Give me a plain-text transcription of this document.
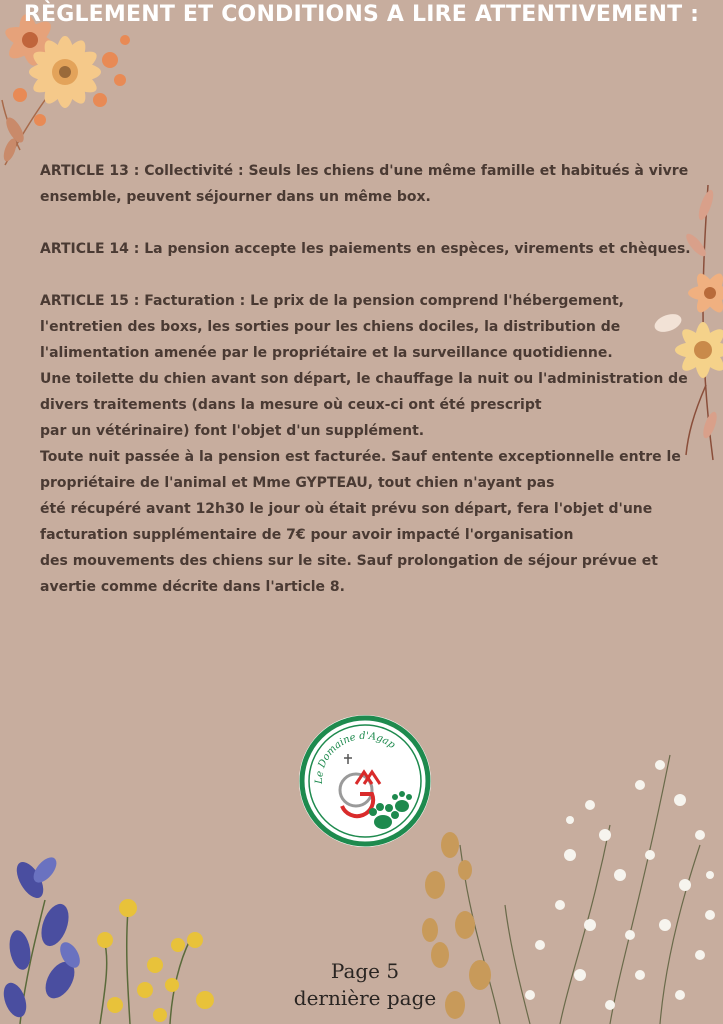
RÈGLEMENT ET CONDITIONS A LIRE ATTENTIVEMENT :
ARTICLE 13 : Collectivité : Seuls les chiens d'une même famille et habitués à vivre
ensemble, peuvent séjourner dans un même box.
ARTICLE 14 : La pension accepte les paiements en espèces, virements et chèques.
ARTICLE 15 : Facturation : Le prix de la pension comprend l'hébergement,
l'entretien des boxs, les sorties pour les chiens dociles, la distribution de
l'alimentation amenée par le propriétaire et la surveillance quotidienne.
Une toilette du chien avant son départ, le chauffage la nuit ou l'administration de
divers traitements (dans la mesure où ceux-ci ont été prescript
par un vétérinaire) font l'objet d'un supplément.
Toute nuit passée à la pension est facturée. Sauf entente exceptionnelle entre le
propriétaire de l'animal et Mme GYPTEAU, tout chien n'ayant pas
été récupéré avant 12h30 le jour où était prévu son départ, fera l'objet d'une
facturation supplémentaire de 7€ pour avoir impacté l'organisation
des mouvements des chiens sur le site. Sauf prolongation de séjour prévue et
avertie comme décrite dans l'article 8.
Le Domaine d'Agap
Page 5
dernière page
